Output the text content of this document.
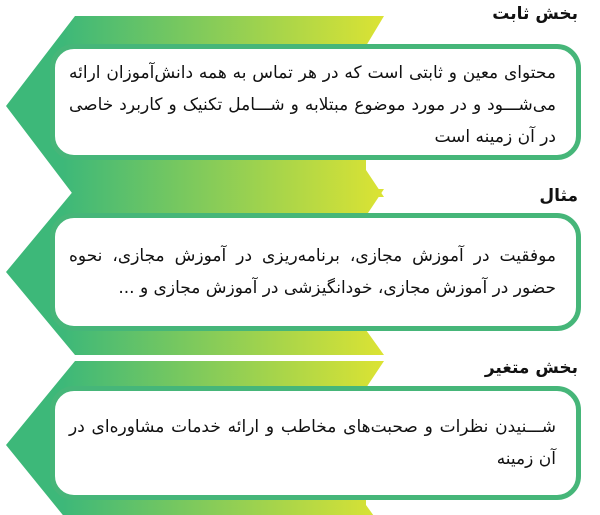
بخش ثابت
محتوای معین و ثابتی است که در هر تماس به همه دانش‌آموزان ارائه می‌شـــود و در مورد موضوع مبتلابه و شـــامل تکنیک و کاربرد خاصی در آن زمینه است
مثال
موفقیت در آموزش مجازی، برنامه‌ریزی در آموزش مجازی، نحوه حضور در آموزش مجازی، خودانگیزشی در آموزش مجازی و ...
بخش متغیر
شـــنیدن نظرات و صحبت‌های مخاطب و ارائه خدمات مشاوره‌ای در آن زمینه
